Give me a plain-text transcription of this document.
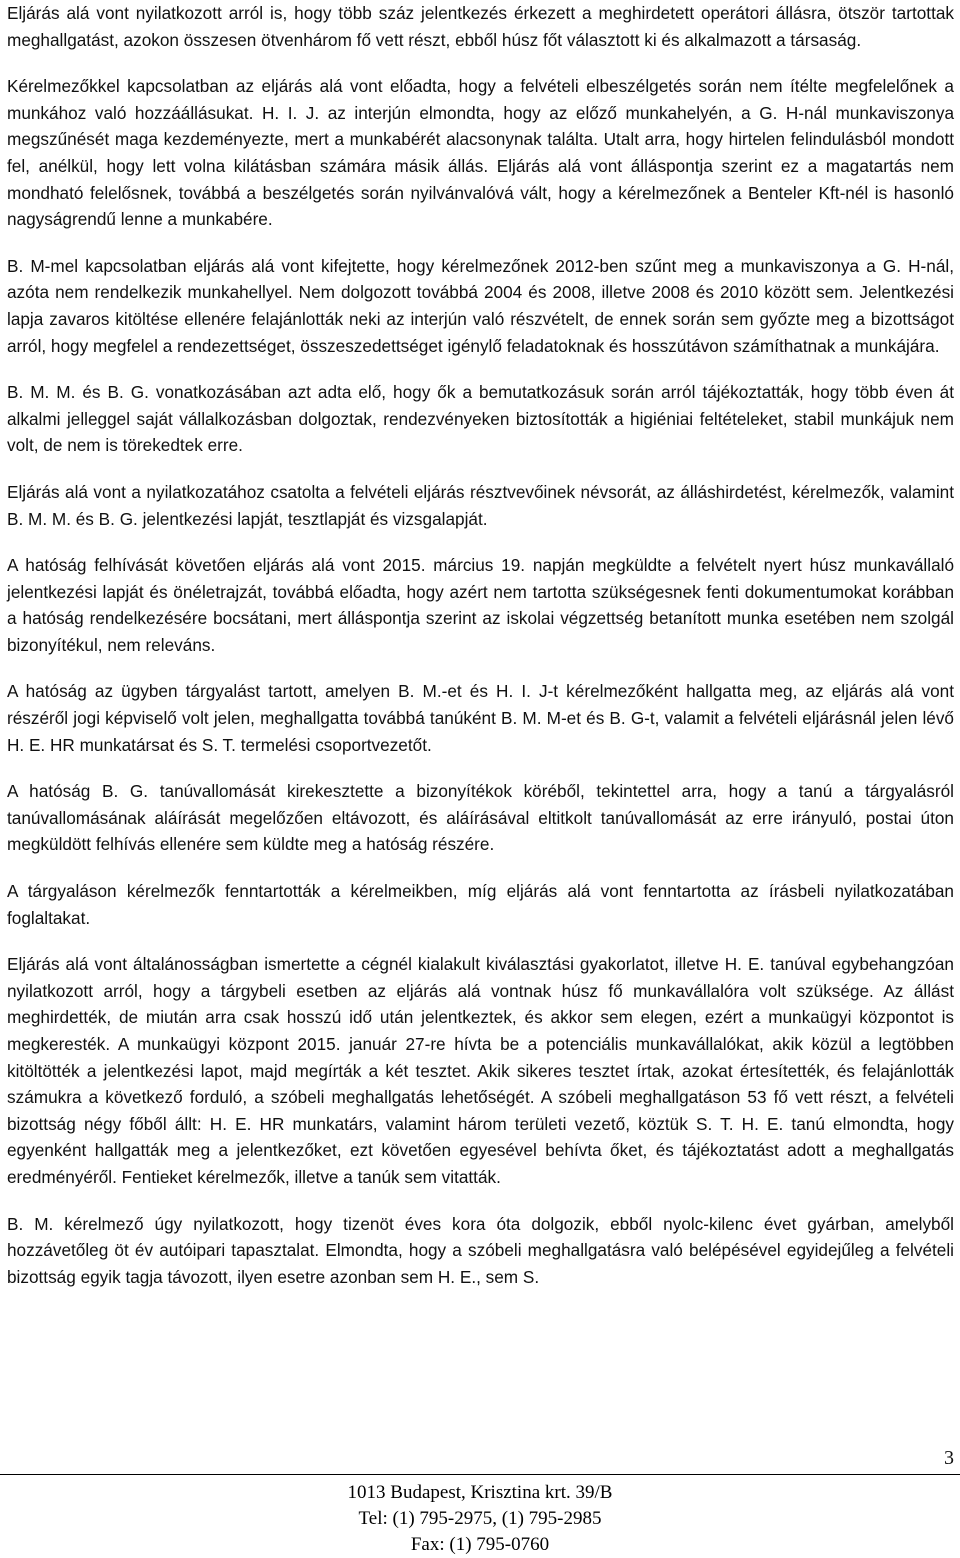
Eljárás alá vont nyilatkozott arról is, hogy több száz jelentkezés érkezett a meghirdetett operátori állásra, ötször tartottak meghallgatást, azokon összesen ötvenhárom fő vett részt, ebből húsz főt választott ki és alkalmazott a társaság.

Kérelmezőkkel kapcsolatban az eljárás alá vont előadta, hogy a felvételi elbeszélgetés során nem ítélte megfelelőnek a munkához való hozzáállásukat. H. I. J. az interjún elmondta, hogy az előző munkahelyén, a G. H-nál munkaviszonya megszűnését maga kezdeményezte, mert a munkabérét alacsonynak találta. Utalt arra, hogy hirtelen felindulásból mondott fel, anélkül, hogy lett volna kilátásban számára másik állás. Eljárás alá vont álláspontja szerint ez a magatartás nem mondható felelősnek, továbbá a beszélgetés során nyilvánvalóvá vált, hogy a kérelmezőnek a Benteler Kft-nél is hasonló nagyságrendű lenne a munkabére.

B. M-mel kapcsolatban eljárás alá vont kifejtette, hogy kérelmezőnek 2012-ben szűnt meg a munkaviszonya a G. H-nál, azóta nem rendelkezik munkahellyel. Nem dolgozott továbbá 2004 és 2008, illetve 2008 és 2010 között sem. Jelentkezési lapja zavaros kitöltése ellenére felajánlották neki az interjún való részvételt, de ennek során sem győzte meg a bizottságot arról, hogy megfelel a rendezettséget, összeszedettséget igénylő feladatoknak és hosszútávon számíthatnak a munkájára.

B. M. M. és B. G. vonatkozásában azt adta elő, hogy ők a bemutatkozásuk során arról tájékoztatták, hogy több éven át alkalmi jelleggel saját vállalkozásban dolgoztak, rendezvényeken biztosították a higiéniai feltételeket, stabil munkájuk nem volt, de nem is törekedtek erre.

Eljárás alá vont a nyilatkozatához csatolta a felvételi eljárás résztvevőinek névsorát, az álláshirdetést, kérelmezők, valamint B. M. M. és B. G. jelentkezési lapját, tesztlapját és vizsgalapját.

A hatóság felhívását követően eljárás alá vont 2015. március 19. napján megküldte a felvételt nyert húsz munkavállaló jelentkezési lapját és önéletrajzát, továbbá előadta, hogy azért nem tartotta szükségesnek fenti dokumentumokat korábban a hatóság rendelkezésére bocsátani, mert álláspontja szerint az iskolai végzettség betanított munka esetében nem szolgál bizonyítékul, nem releváns.

A hatóság az ügyben tárgyalást tartott, amelyen B. M.-et és H. I. J-t kérelmezőként hallgatta meg, az eljárás alá vont részéről jogi képviselő volt jelen, meghallgatta továbbá tanúként B. M. M-et és B. G-t, valamit a felvételi eljárásnál jelen lévő H. E. HR munkatársat és S. T. termelési csoportvezetőt.

A hatóság B. G. tanúvallomását kirekesztette a bizonyítékok köréből, tekintettel arra, hogy a tanú a tárgyalásról tanúvallomásának aláírását megelőzően eltávozott, és aláírásával eltitkolt tanúvallomását az erre irányuló, postai úton megküldött felhívás ellenére sem küldte meg a hatóság részére.

A tárgyaláson kérelmezők fenntartották a kérelmeikben, míg eljárás alá vont fenntartotta az írásbeli nyilatkozatában foglaltakat.

Eljárás alá vont általánosságban ismertette a cégnél kialakult kiválasztási gyakorlatot, illetve H. E. tanúval egybehangzóan nyilatkozott arról, hogy a tárgybeli esetben az eljárás alá vontnak húsz fő munkavállalóra volt szüksége. Az állást meghirdették, de miután arra csak hosszú idő után jelentkeztek, és akkor sem elegen, ezért a munkaügyi központot is megkeresték. A munkaügyi központ 2015. január 27-re hívta be a potenciális munkavállalókat, akik közül a legtöbben kitöltötték a jelentkezési lapot, majd megírták a két tesztet. Akik sikeres tesztet írtak, azokat értesítették, és felajánlották számukra a következő forduló, a szóbeli meghallgatás lehetőségét. A szóbeli meghallgatáson 53 fő vett részt, a felvételi bizottság négy főből állt: H. E. HR munkatárs, valamint három területi vezető, köztük S. T. H. E. tanú elmondta, hogy egyenként hallgatták meg a jelentkezőket, ezt követően egyesével behívta őket, és tájékoztatást adott a meghallgatás eredményéről. Fentieket kérelmezők, illetve a tanúk sem vitatták.

B. M. kérelmező úgy nyilatkozott, hogy tizenöt éves kora óta dolgozik, ebből nyolc-kilenc évet gyárban, amelyből hozzávetőleg öt év autóipari tapasztalat. Elmondta, hogy a szóbeli meghallgatásra való belépésével egyidejűleg a felvételi bizottság egyik tagja távozott, ilyen esetre azonban sem H. E., sem S.

3
1013 Budapest, Krisztina krt. 39/B
Tel: (1) 795-2975, (1) 795-2985
Fax: (1) 795-0760
